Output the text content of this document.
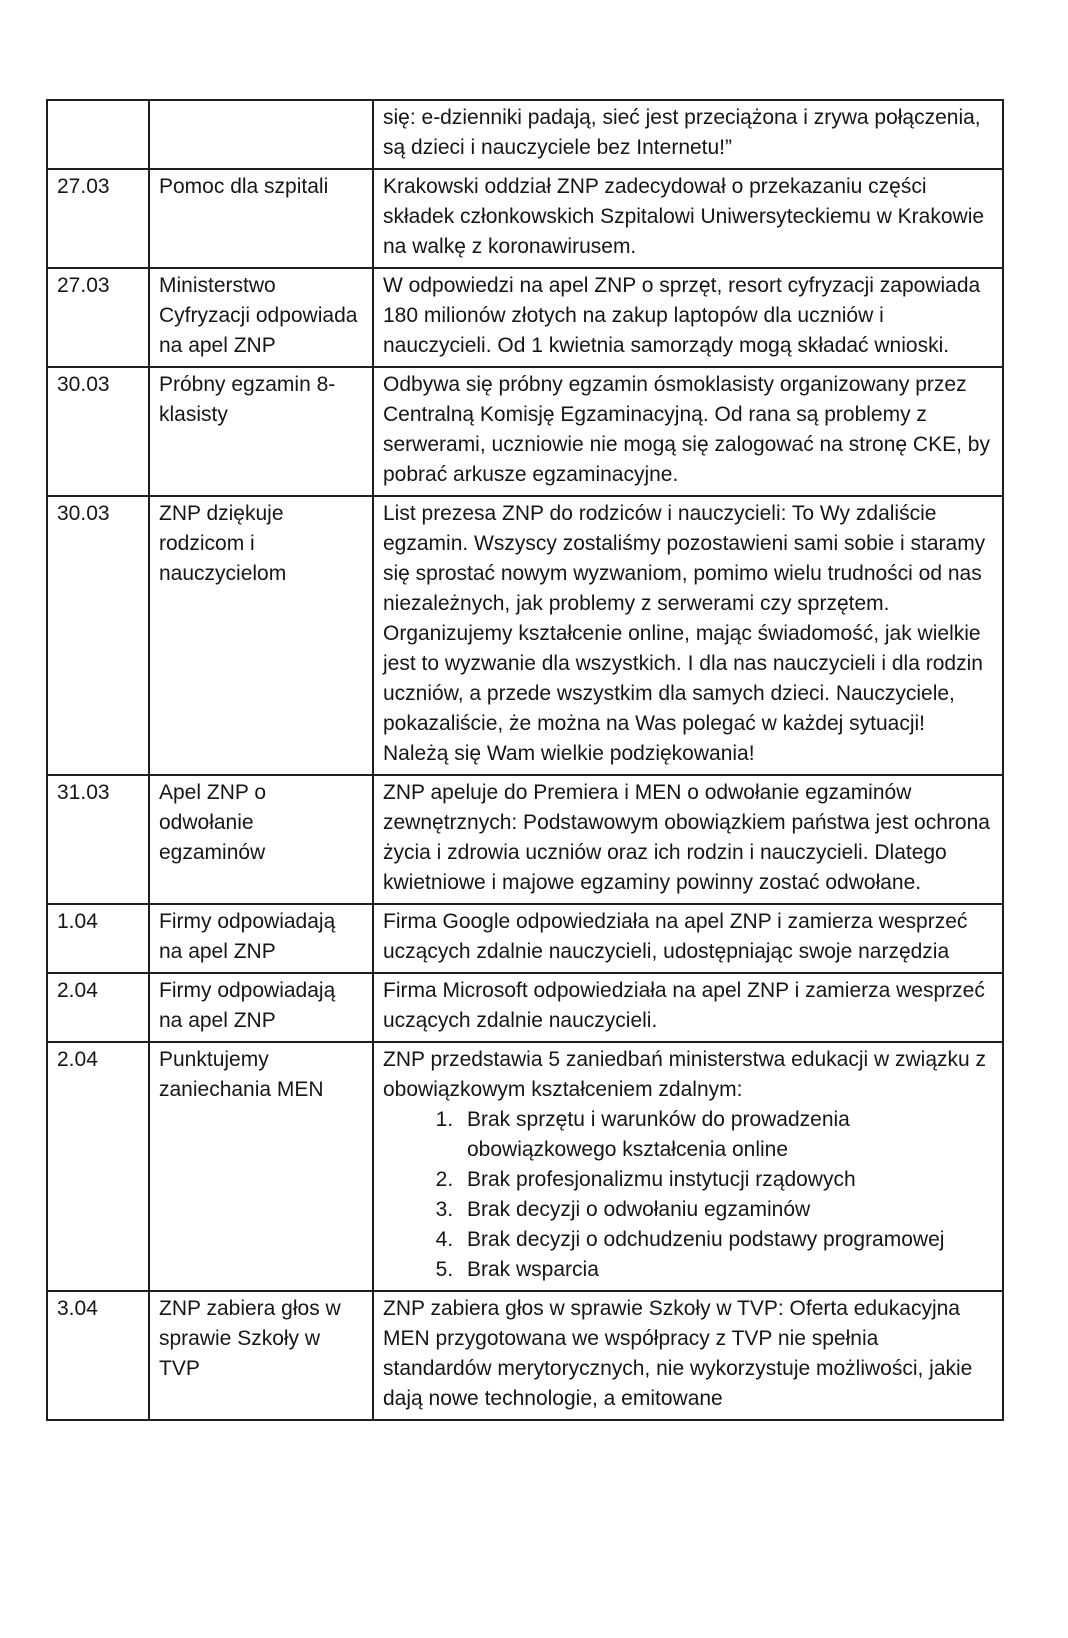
		się: e-dzienniki padają, sieć jest przeciążona i zrywa połączenia, są dzieci i nauczyciele bez Internetu!”
27.03	Pomoc dla szpitali	Krakowski oddział ZNP zadecydował o przekazaniu części składek członkowskich Szpitalowi Uniwersyteckiemu w Krakowie na walkę z koronawirusem.
27.03	Ministerstwo Cyfryzacji odpowiada na apel ZNP	W odpowiedzi na apel ZNP o sprzęt, resort cyfryzacji zapowiada 180 milionów złotych na zakup laptopów dla uczniów i nauczycieli. Od 1 kwietnia samorządy mogą składać wnioski.
30.03	Próbny egzamin 8-klasisty	Odbywa się próbny egzamin ósmoklasisty organizowany przez Centralną Komisję Egzaminacyjną. Od rana są problemy z serwerami, uczniowie nie mogą się zalogować na stronę CKE, by pobrać arkusze egzaminacyjne.
30.03	ZNP dziękuje rodzicom i nauczycielom	List prezesa ZNP do rodziców i nauczycieli: To Wy zdaliście egzamin. Wszyscy zostaliśmy pozostawieni sami sobie i staramy się sprostać nowym wyzwaniom, pomimo wielu trudności od nas niezależnych, jak problemy z serwerami czy sprzętem. Organizujemy kształcenie online, mając świadomość, jak wielkie jest to wyzwanie dla wszystkich. I dla nas nauczycieli i dla rodzin uczniów, a przede wszystkim dla samych dzieci. Nauczyciele, pokazaliście, że można na Was polegać w każdej sytuacji! Należą się Wam wielkie podziękowania!
31.03	Apel ZNP o odwołanie egzaminów	ZNP apeluje do Premiera i MEN o odwołanie egzaminów zewnętrznych: Podstawowym obowiązkiem państwa jest ochrona życia i zdrowia uczniów oraz ich rodzin i nauczycieli. Dlatego kwietniowe i majowe egzaminy powinny zostać odwołane.
1.04	Firmy odpowiadają na apel ZNP	Firma Google odpowiedziała na apel ZNP i zamierza wesprzeć uczących zdalnie nauczycieli, udostępniając swoje narzędzia
2.04	Firmy odpowiadają na apel ZNP	Firma Microsoft odpowiedziała na apel ZNP i zamierza wesprzeć uczących zdalnie nauczycieli.
2.04	Punktujemy zaniechania MEN	ZNP przedstawia 5 zaniedbań ministerstwa edukacji w związku z obowiązkowym kształceniem zdalnym:
1. Brak sprzętu i warunków do prowadzenia obowiązkowego kształcenia online
2. Brak profesjonalizmu instytucji rządowych
3. Brak decyzji o odwołaniu egzaminów
4. Brak decyzji o odchudzeniu podstawy programowej
5. Brak wsparcia

3.04	ZNP zabiera głos w sprawie Szkoły w TVP	ZNP zabiera głos w sprawie Szkoły w TVP: Oferta edukacyjna MEN przygotowana we współpracy z TVP nie spełnia standardów merytorycznych, nie wykorzystuje możliwości, jakie dają nowe technologie, a emitowane
